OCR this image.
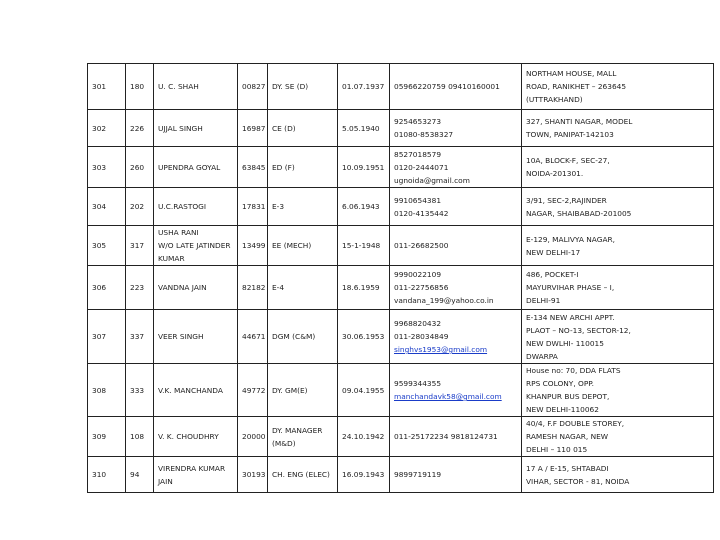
301	180	U. C. SHAH	00827	DY. SE (D)	01.07.1937	05966220759 09410160001	NORTHAM HOUSE, MALL
ROAD, RANIKHET – 263645
(UTTRAKHAND)

302	226	UJJAL SINGH	16987	CE (D)	5.05.1940	9254653273
01080-8538327	327, SHANTI NAGAR, MODEL
TOWN, PANIPAT-142103

303	260	UPENDRA GOYAL	63845	ED (F)	10.09.1951	8527018579
0120-2444071
ugnoida@gmail.com	10A, BLOCK-F, SEC-27,
NOIDA-201301.

304	202	U.C.RASTOGI	17831	E-3	6.06.1943	9910654381
0120-4135442	3/91, SEC-2,RAJINDER
NAGAR, SHAIBABAD-201005

305	317	USHA RANI
W/O LATE JATINDER
KUMAR	13499	EE (MECH)	15-1-1948	011-26682500	E-129, MALIVYA NAGAR,
NEW DELHI-17

306	223	VANDNA JAIN	82182	E-4	18.6.1959	9990022109
011-22756856
vandana_199@yahoo.co.in	486, POCKET-I
MAYURVIHAR PHASE – I,
DELHI-91

307	337	VEER SINGH	44671	DGM (C&M)	30.06.1953	9968820432
011-28034849
singhvs1953@gmail.com	E-134 NEW ARCHI APPT.
PLAOT – NO-13, SECTOR-12,
NEW DWLHI- 110015
DWARPA

308	333	V.K. MANCHANDA	49772	DY. GM(E)	09.04.1955	9599344355
manchandavk58@gmail.com	House no: 70, DDA FLATS
RPS COLONY, OPP.
KHANPUR BUS DEPOT,
NEW DELHI-110062

309	108	V. K. CHOUDHRY	20000	DY. MANAGER
(M&D)	24.10.1942	011-25172234 9818124731	40/4, F.F DOUBLE STOREY,
RAMESH NAGAR, NEW
DELHI – 110 015

310	94	VIRENDRA KUMAR
JAIN	30193	CH. ENG (ELEC)	16.09.1943	9899719119	17 A / E-15, SHTABADI
VIHAR, SECTOR - 81, NOIDA
